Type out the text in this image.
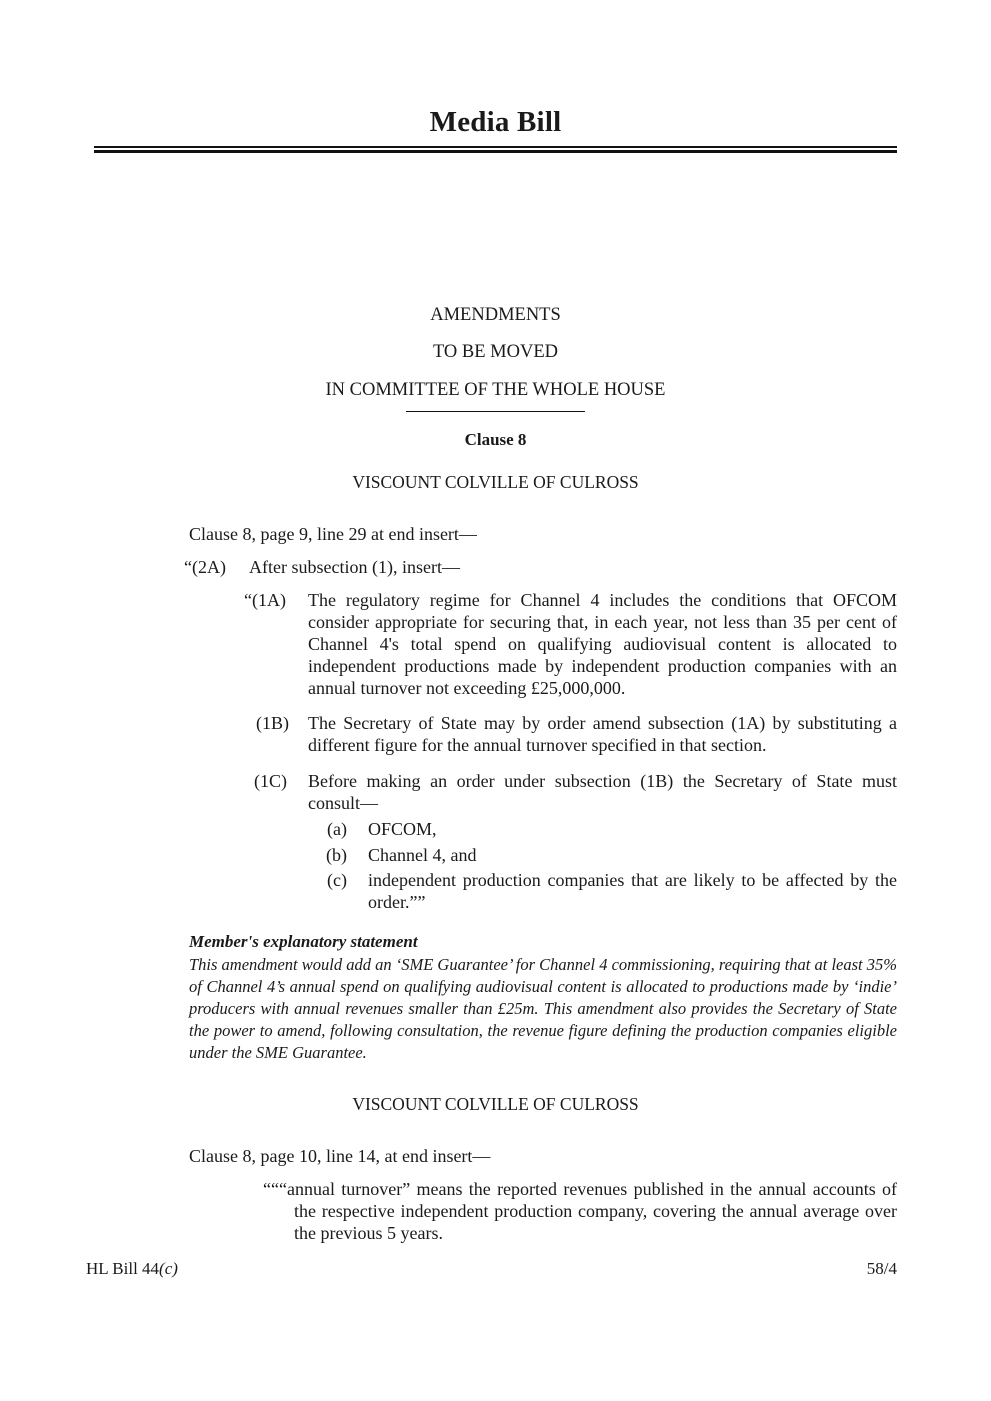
Media Bill
AMENDMENTS
TO BE MOVED
IN COMMITTEE OF THE WHOLE HOUSE
Clause 8
VISCOUNT COLVILLE OF CULROSS
Clause 8, page 9, line 29 at end insert—
“(2A) After subsection (1), insert—
“(1A) The regulatory regime for Channel 4 includes the conditions that OFCOM consider appropriate for securing that, in each year, not less than 35 per cent of Channel 4's total spend on qualifying audiovisual content is allocated to independent productions made by independent production companies with an annual turnover not exceeding £25,000,000.
(1B) The Secretary of State may by order amend subsection (1A) by substituting a different figure for the annual turnover specified in that section.
(1C) Before making an order under subsection (1B) the Secretary of State must consult—
(a) OFCOM,
(b) Channel 4, and
(c) independent production companies that are likely to be affected by the order.””
Member's explanatory statement
This amendment would add an ‘SME Guarantee’ for Channel 4 commissioning, requiring that at least 35% of Channel 4’s annual spend on qualifying audiovisual content is allocated to productions made by ‘indie’ producers with annual revenues smaller than £25m. This amendment also provides the Secretary of State the power to amend, following consultation, the revenue figure defining the production companies eligible under the SME Guarantee.
VISCOUNT COLVILLE OF CULROSS
Clause 8, page 10, line 14, at end insert—
“““annual turnover” means the reported revenues published in the annual accounts of the respective independent production company, covering the annual average over the previous 5 years.
HL Bill 44(c)	58/4
